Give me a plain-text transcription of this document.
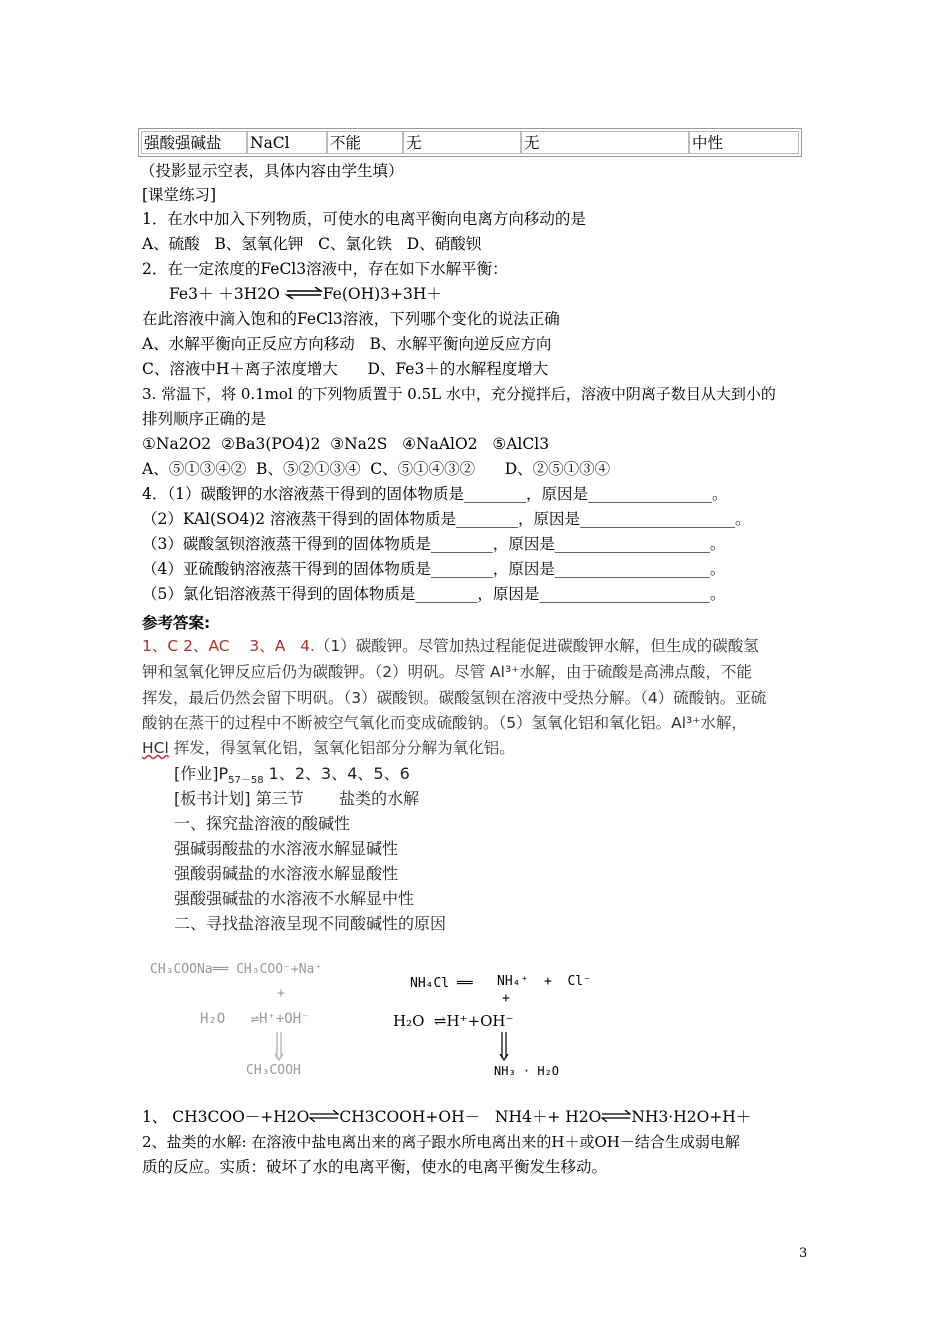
强酸强碱盐	NaCl	不能	无	无	中性
（投影显示空表，具体内容由学生填）
[课堂练习]
1．在水中加入下列物质，可使水的电离平衡向电离方向移动的是
A、硫酸   B、氢氧化钾   C、氯化铁   D、硝酸钡
2．在一定浓度的FeCl3溶液中，存在如下水解平衡：
Fe3＋ ＋3H2O ⇌Fe(OH)3+3H＋
在此溶液中滴入饱和的FeCl3溶液，下列哪个变化的说法正确
A、水解平衡向正反应方向移动   B、水解平衡向逆反应方向
C、溶液中H＋离子浓度增大      D、Fe3＋的水解程度增大
3. 常温下，将 0.1mol 的下列物质置于 0.5L 水中，充分搅拌后，溶液中阴离子数目从大到小的
排列顺序正确的是
①Na2O2  ②Ba3(PO4)2  ③Na2S   ④NaAlO2   ⑤AlCl3
A、⑤①③④②  B、⑤②①③④  C、⑤①④③②      D、②⑤①③④
4．（1）碳酸钾的水溶液蒸干得到的固体物质是________，原因是________________。
（2）KAl(SO4)2 溶液蒸干得到的固体物质是________，原因是____________________。
（3）碳酸氢钡溶液蒸干得到的固体物质是________，原因是____________________。
（4）亚硫酸钠溶液蒸干得到的固体物质是________，原因是____________________。
（5）氯化铝溶液蒸干得到的固体物质是________，原因是______________________。
参考答案:
1、C 2、AC    3、A   4.（1）碳酸钾。尽管加热过程能促进碳酸钾水解，但生成的碳酸氢
钾和氢氧化钾反应后仍为碳酸钾。（2）明矾。尽管 Al³⁺水解，由于硫酸是高沸点酸，不能
挥发，最后仍然会留下明矾。（3）碳酸钡。碳酸氢钡在溶液中受热分解。（4）硫酸钠。亚硫
酸钠在蒸干的过程中不断被空气氧化而变成硫酸钠。（5）氢氧化铝和氧化铝。Al³⁺水解，
HCl 挥发，得氢氧化铝，氢氧化铝部分分解为氧化铝。
[作业]$P_{57-58}$ 1、2、3、4、5、6
[板书计划] 第三节       盐类的水解
一、探究盐溶液的酸碱性
强碱弱酸盐的水溶液水解显碱性
强酸弱碱盐的水溶液水解显酸性
强酸强碱盐的水溶液不水解显中性
二、寻找盐溶液呈现不同酸碱性的原因
CH₃COONa══ CH₃COO⁻+Na⁺
+
H₂O   ⇌H⁺+OH⁻
CH₃COOH
NH₄Cl ══ NH₄⁺  +  Cl⁻
+
H₂O  ⇌H⁺+OH⁻
NH₃ · H₂O
1、 CH3COO－+H2O⇌CH3COOH+OH－   NH4＋+ H2O⇌NH3·H2O+H＋
2、盐类的水解: 在溶液中盐电离出来的离子跟水所电离出来的H＋或OH－结合生成弱电解
质的反应。实质：破坏了水的电离平衡，使水的电离平衡发生移动。
3
